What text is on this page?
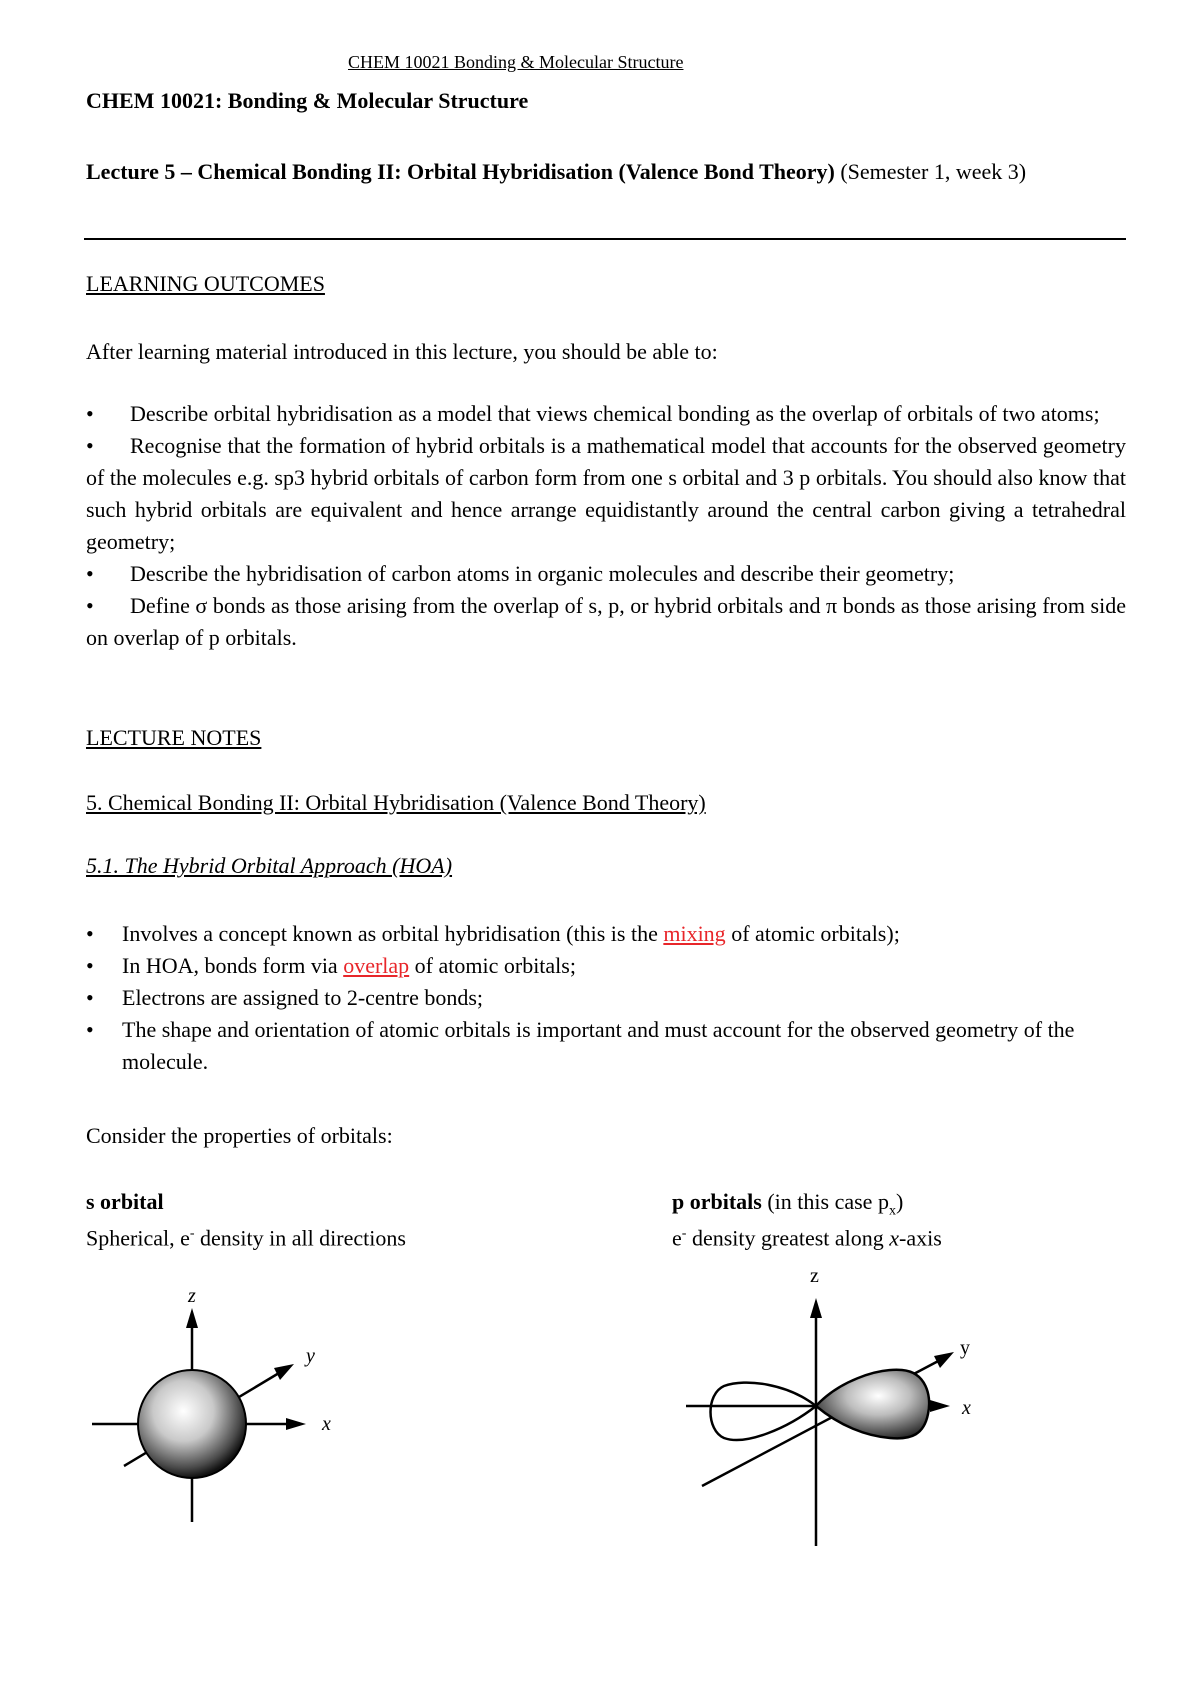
CHEM 10021 Bonding & Molecular Structure
CHEM 10021: Bonding & Molecular Structure
Lecture 5 – Chemical Bonding II: Orbital Hybridisation (Valence Bond Theory) (Semester 1, week 3)
LEARNING OUTCOMES
After learning material introduced in this lecture, you should be able to:
• Describe orbital hybridisation as a model that views chemical bonding as the overlap of orbitals of two atoms;
• Recognise that the formation of hybrid orbitals is a mathematical model that accounts for the observed geometry of the molecules e.g. sp3 hybrid orbitals of carbon form from one s orbital and 3 p orbitals. You should also know that such hybrid orbitals are equivalent and hence arrange equidistantly around the central carbon giving a tetrahedral geometry;
• Describe the hybridisation of carbon atoms in organic molecules and describe their geometry;
• Define σ bonds as those arising from the overlap of s, p, or hybrid orbitals and π bonds as those arising from side on overlap of p orbitals.
LECTURE NOTES
5. Chemical Bonding II: Orbital Hybridisation (Valence Bond Theory)
5.1. The Hybrid Orbital Approach (HOA)
• Involves a concept known as orbital hybridisation (this is the mixing of atomic orbitals);
• In HOA, bonds form via overlap of atomic orbitals;
• Electrons are assigned to 2-centre bonds;
• The shape and orientation of atomic orbitals is important and must account for the observed geometry of the molecule.
Consider the properties of orbitals:
s orbital
Spherical, e- density in all directions
p orbitals (in this case $p_x$)
e- density greatest along x-axis
z
y
x
z
y
x
